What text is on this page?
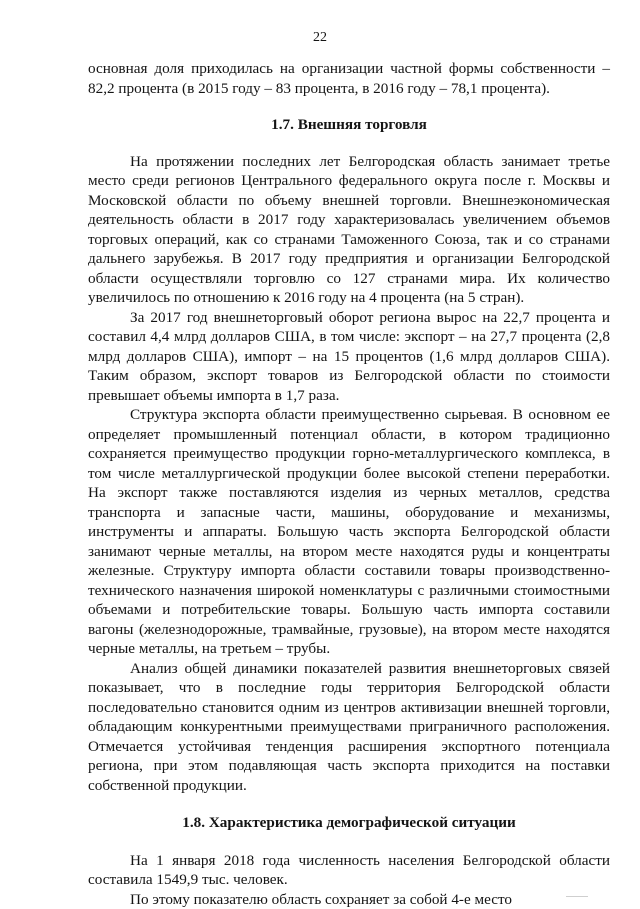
22

основная доля приходилась на организации частной формы собственности – 82,2 процента (в 2015 году – 83 процента, в 2016 году – 78,1 процента).

1.7. Внешняя торговля

На протяжении последних лет Белгородская область занимает третье место среди регионов Центрального федерального округа после г. Москвы и Московской области по объему внешней торговли. Внешнеэкономическая деятельность области в 2017 году характеризовалась увеличением объемов торговых операций, как со странами Таможенного Союза, так и со странами дальнего зарубежья. В 2017 году предприятия и организации Белгородской области осуществляли торговлю со 127 странами мира. Их количество увеличилось по отношению к 2016 году на 4 процента (на 5 стран).

За 2017 год внешнеторговый оборот региона вырос на 22,7 процента и составил 4,4 млрд долларов США, в том числе: экспорт – на 27,7 процента (2,8 млрд долларов США), импорт – на 15 процентов (1,6 млрд долларов США). Таким образом, экспорт товаров из Белгородской области по стоимости превышает объемы импорта в 1,7 раза.

Структура экспорта области преимущественно сырьевая. В основном ее определяет промышленный потенциал области, в котором традиционно сохраняется преимущество продукции горно-металлургического комплекса, в том числе металлургической продукции более высокой степени переработки. На экспорт также поставляются изделия из черных металлов, средства транспорта и запасные части, машины, оборудование и механизмы, инструменты и аппараты. Большую часть экспорта Белгородской области занимают черные металлы, на втором месте находятся руды и концентраты железные. Структуру импорта области составили товары производственно-технического назначения широкой номенклатуры с различными стоимостными объемами и потребительские товары. Большую часть импорта составили вагоны (железнодорожные, трамвайные, грузовые), на втором месте находятся черные металлы, на третьем – трубы.

Анализ общей динамики показателей развития внешнеторговых связей показывает, что в последние годы территория Белгородской области последовательно становится одним из центров активизации внешней торговли, обладающим конкурентными преимуществами приграничного расположения. Отмечается устойчивая тенденция расширения экспортного потенциала региона, при этом подавляющая часть экспорта приходится на поставки собственной продукции.

1.8. Характеристика демографической ситуации

На 1 января 2018 года численность населения Белгородской области составила 1549,9 тыс. человек.

По этому показателю область сохраняет за собой 4-е место
